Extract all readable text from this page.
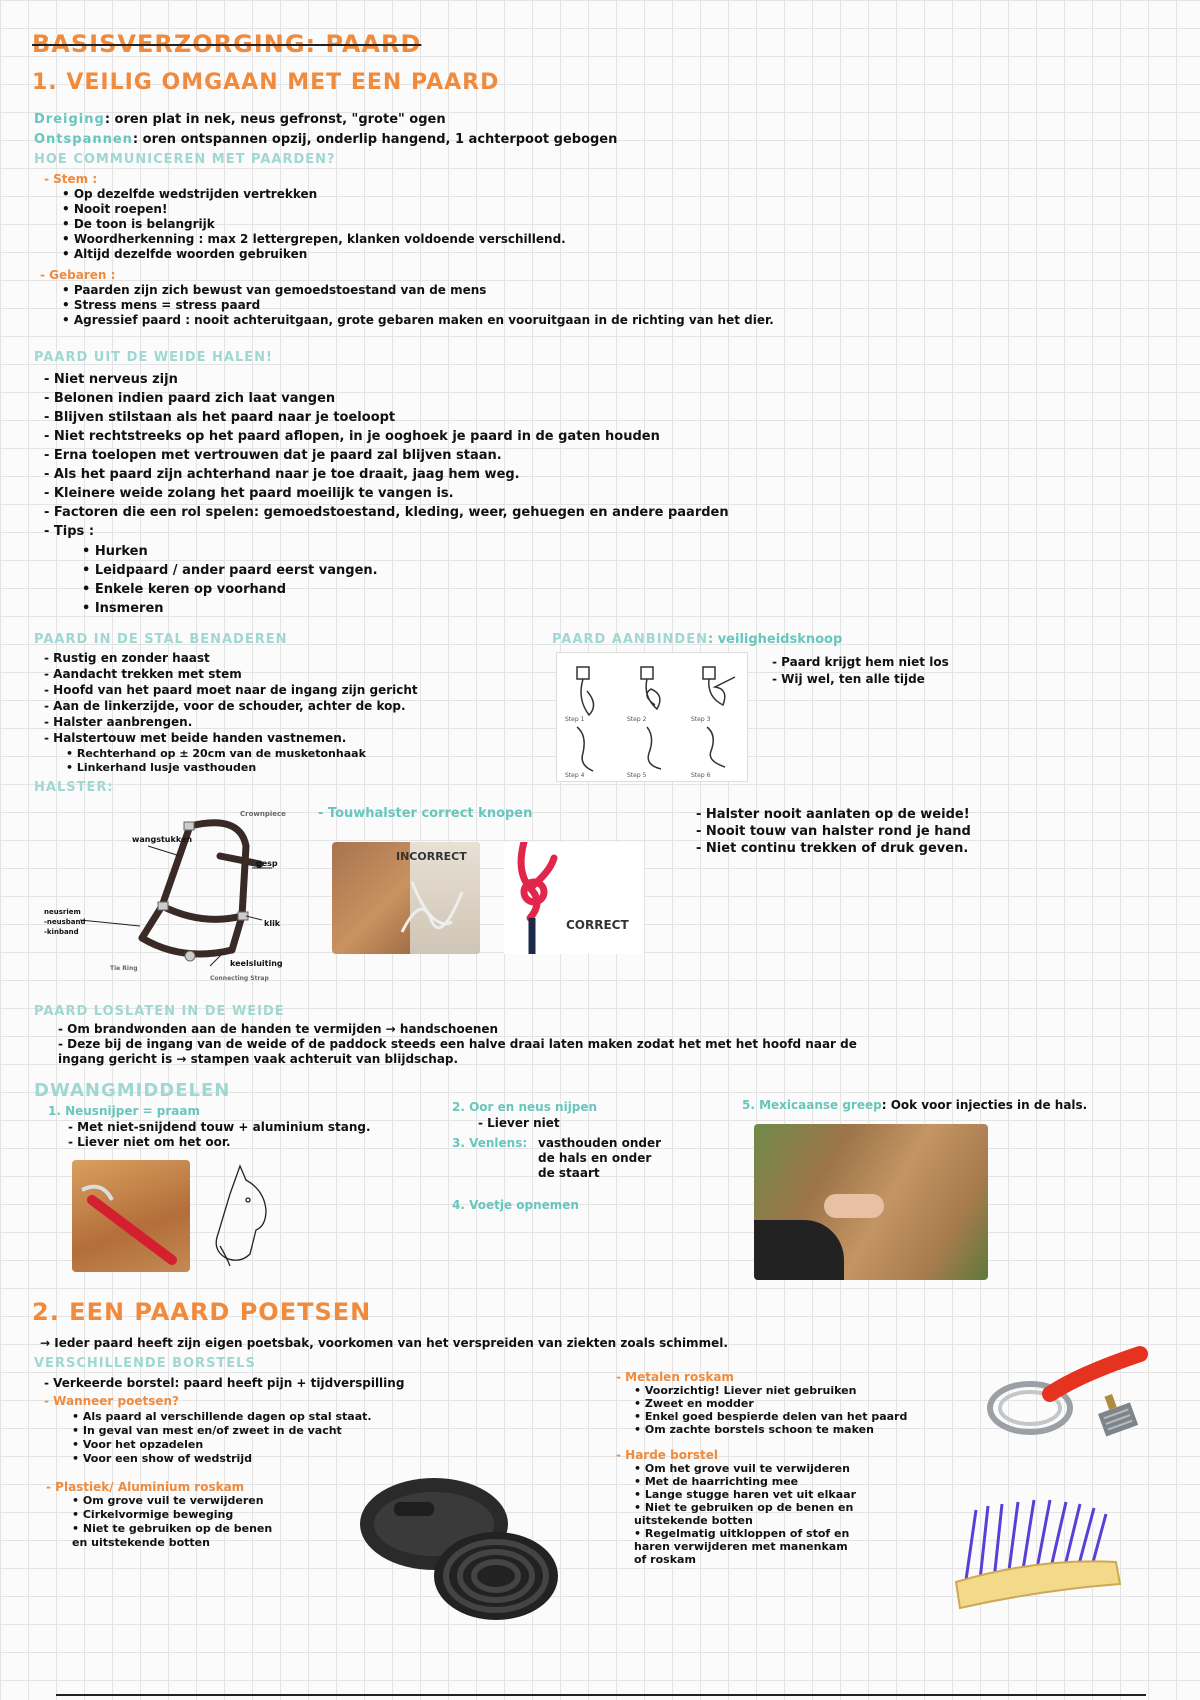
BASISVERZORGING: PAARD
1. VEILIG OMGAAN MET EEN PAARD
Dreiging: oren plat in nek, neus gefronst, "grote" ogen
Ontspannen: oren ontspannen opzij, onderlip hangend, 1 achterpoot gebogen
HOE COMMUNICEREN MET PAARDEN?
- Stem :
• Op dezelfde wedstrijden vertrekken
• Nooit roepen!
• De toon is belangrijk
• Woordherkenning : max 2 lettergrepen, klanken voldoende verschillend.
• Altijd dezelfde woorden gebruiken
- Gebaren :
• Paarden zijn zich bewust van gemoedstoestand van de mens
• Stress mens = stress paard
• Agressief paard : nooit achteruitgaan, grote gebaren maken en vooruitgaan in de richting van het dier.
PAARD UIT DE WEIDE HALEN!
- Niet nerveus zijn
- Belonen indien paard zich laat vangen
- Blijven stilstaan als het paard naar je toeloopt
- Niet rechtstreeks op het paard aflopen, in je ooghoek je paard in de gaten houden
- Erna toelopen met vertrouwen dat je paard zal blijven staan.
- Als het paard zijn achterhand naar je toe draait, jaag hem weg.
- Kleinere weide zolang het paard moeilijk te vangen is.
- Factoren die een rol spelen: gemoedstoestand, kleding, weer, gehuegen en andere paarden
- Tips :
• Hurken
• Leidpaard / ander paard eerst vangen.
• Enkele keren op voorhand
• Insmeren
PAARD IN DE STAL BENADEREN
- Rustig en zonder haast
- Aandacht trekken met stem
- Hoofd van het paard moet naar de ingang zijn gericht
- Aan de linkerzijde, voor de schouder, achter de kop.
- Halster aanbrengen.
- Halstertouw met beide handen vastnemen.
• Rechterhand op ± 20cm van de musketonhaak
• Linkerhand lusje vasthouden
PAARD AANBINDEN: veiligheidsknoop
Step 1	Step 2	Step 3
Step 4	Step 5	Step 6
- Paard krijgt hem niet los
- Wij wel, ten alle tijde
HALSTER:
Crownpiece
wangstukken
gesp
neusriem
-neusband
-kinband
klik
keelsluiting
Tie Ring
Connecting Strap
- Touwhalster correct knopen
INCORRECT
CORRECT
- Halster nooit aanlaten op de weide!
- Nooit touw van halster rond je hand
- Niet continu trekken of druk geven.
PAARD LOSLATEN IN DE WEIDE
- Om brandwonden aan de handen te vermijden → handschoenen
- Deze bij de ingang van de weide of de paddock steeds een halve draai laten maken zodat het met het hoofd naar de
ingang gericht is → stampen vaak achteruit van blijdschap.
DWANGMIDDELEN
1. Neusnijper = praam
- Met niet-snijdend touw + aluminium stang.
- Liever niet om het oor.
2. Oor en neus nijpen
- Liever niet
3. Venlens: vasthouden onder
de hals en onder
de staart
4. Voetje opnemen
5. Mexicaanse greep: Ook voor injecties in de hals.
2. EEN PAARD POETSEN
→ Ieder paard heeft zijn eigen poetsbak, voorkomen van het verspreiden van ziekten zoals schimmel.
VERSCHILLENDE BORSTELS
- Verkeerde borstel: paard heeft pijn + tijdverspilling
- Wanneer poetsen?
• Als paard al verschillende dagen op stal staat.
• In geval van mest en/of zweet in de vacht
• Voor het opzadelen
• Voor een show of wedstrijd
- Plastiek/ Aluminium roskam
• Om grove vuil te verwijderen
• Cirkelvormige beweging
• Niet te gebruiken op de benen
en uitstekende botten
- Metalen roskam
• Voorzichtig! Liever niet gebruiken
• Zweet en modder
• Enkel goed bespierde delen van het paard
• Om zachte borstels schoon te maken
- Harde borstel
• Om het grove vuil te verwijderen
• Met de haarrichting mee
• Lange stugge haren vet uit elkaar
• Niet te gebruiken op de benen en
uitstekende botten
• Regelmatig uitkloppen of stof en
haren verwijderen met manenkam
of roskam
